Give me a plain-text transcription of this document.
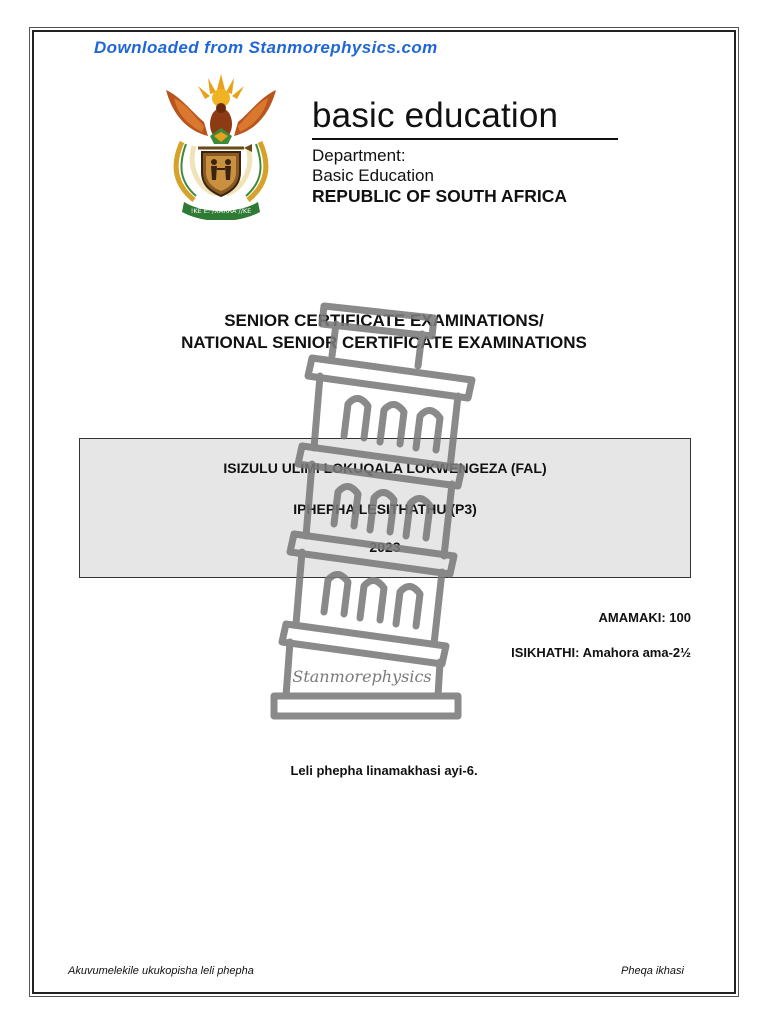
Downloaded from Stanmorephysics.com
!KE E: /XARRA //KE
basic education
Department:
Basic Education
REPUBLIC OF SOUTH AFRICA
SENIOR CERTIFICATE EXAMINATIONS/
NATIONAL SENIOR CERTIFICATE EXAMINATIONS
ISIZULU ULIMI LOKUQALA LOKWENGEZA (FAL)
IPHEPHA LESITHATHU (P3)
2023
AMAMAKI: 100
ISIKHATHI: Amahora ama-2½
Stanmorephysics
Leli phepha linamakhasi ayi-6.
Akuvumelekile ukukopisha leli phepha	Pheqa ikhasi
